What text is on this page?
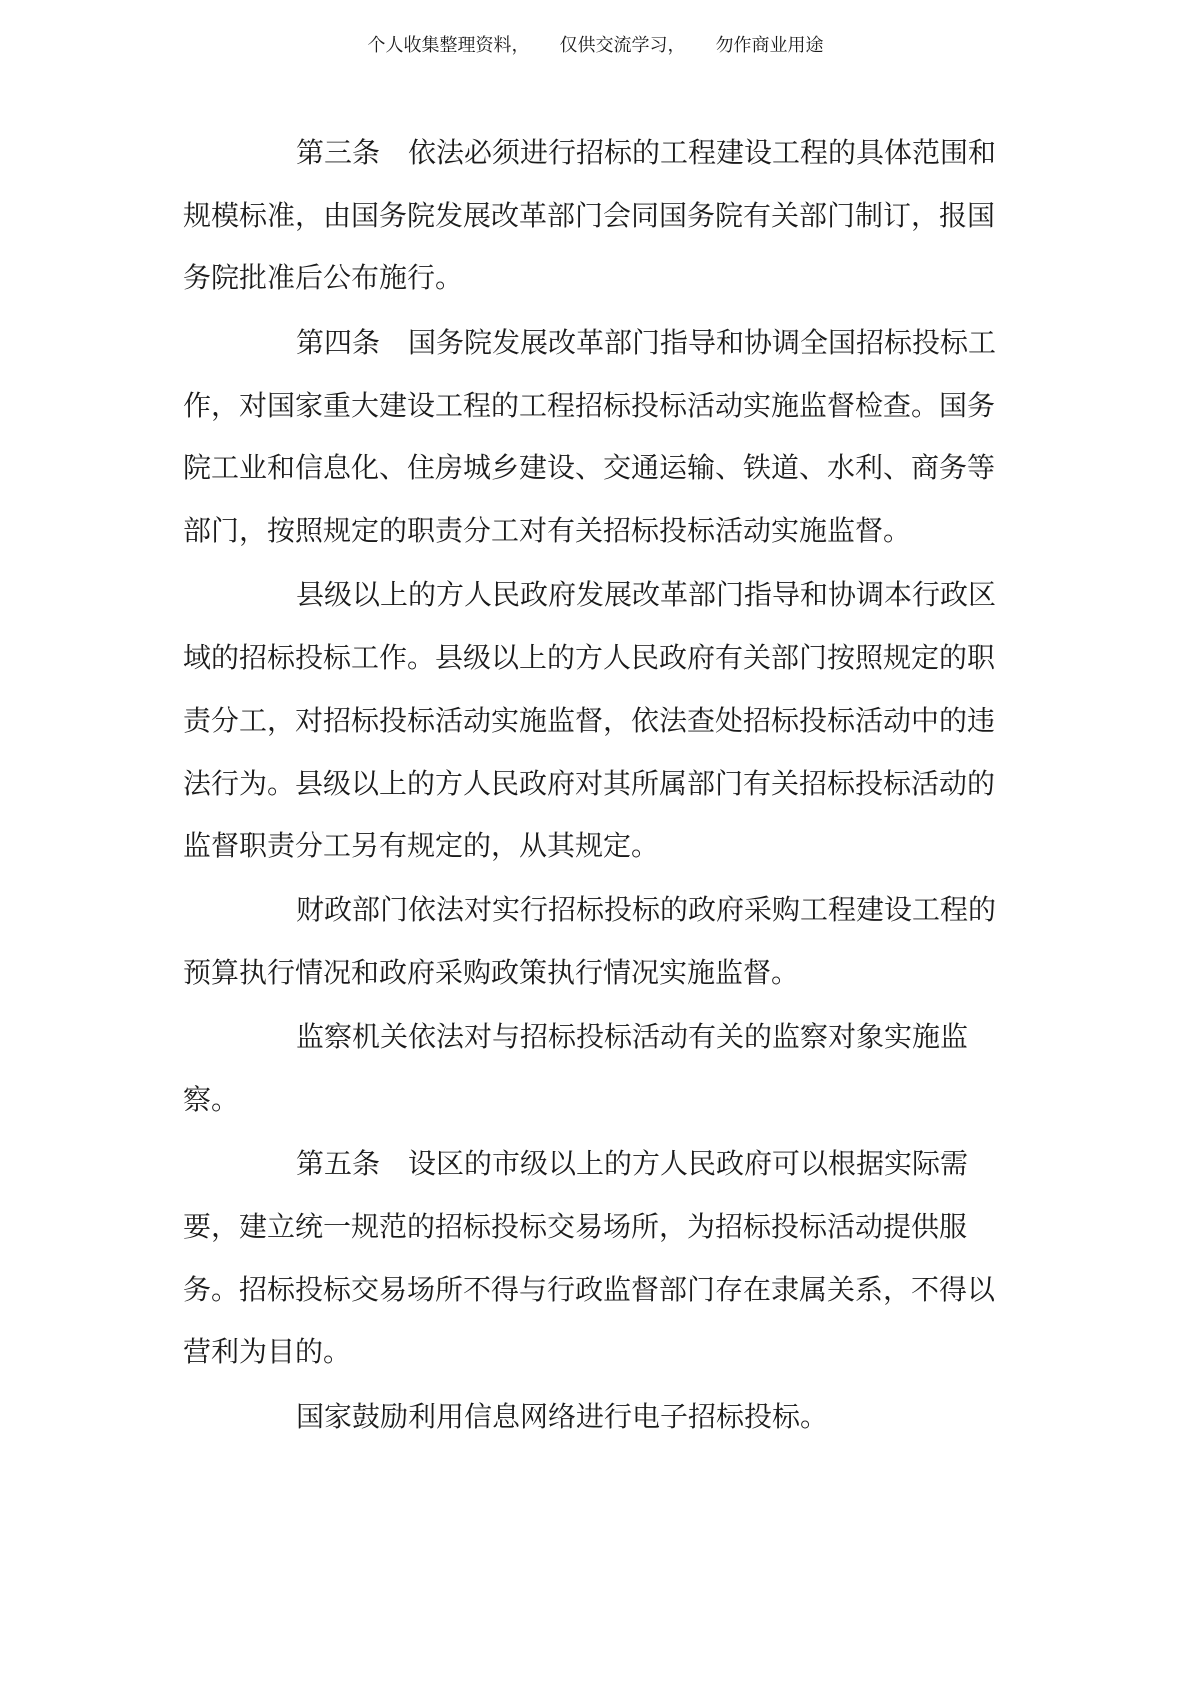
个人收集整理资料， 仅供交流学习， 勿作商业用途
第三条 依法必须进行招标的工程建设工程的具体范围和
规模标准，由国务院发展改革部门会同国务院有关部门制订，报国
务院批准后公布施行。
第四条 国务院发展改革部门指导和协调全国招标投标工
作，对国家重大建设工程的工程招标投标活动实施监督检查。国务
院工业和信息化、住房城乡建设、交通运输、铁道、水利、商务等
部门，按照规定的职责分工对有关招标投标活动实施监督。
县级以上的方人民政府发展改革部门指导和协调本行政区
域的招标投标工作。县级以上的方人民政府有关部门按照规定的职
责分工，对招标投标活动实施监督，依法查处招标投标活动中的违
法行为。县级以上的方人民政府对其所属部门有关招标投标活动的
监督职责分工另有规定的，从其规定。
财政部门依法对实行招标投标的政府采购工程建设工程的
预算执行情况和政府采购政策执行情况实施监督。
监察机关依法对与招标投标活动有关的监察对象实施监
察。
第五条 设区的市级以上的方人民政府可以根据实际需
要，建立统一规范的招标投标交易场所，为招标投标活动提供服
务。招标投标交易场所不得与行政监督部门存在隶属关系，不得以
营利为目的。
国家鼓励利用信息网络进行电子招标投标。
